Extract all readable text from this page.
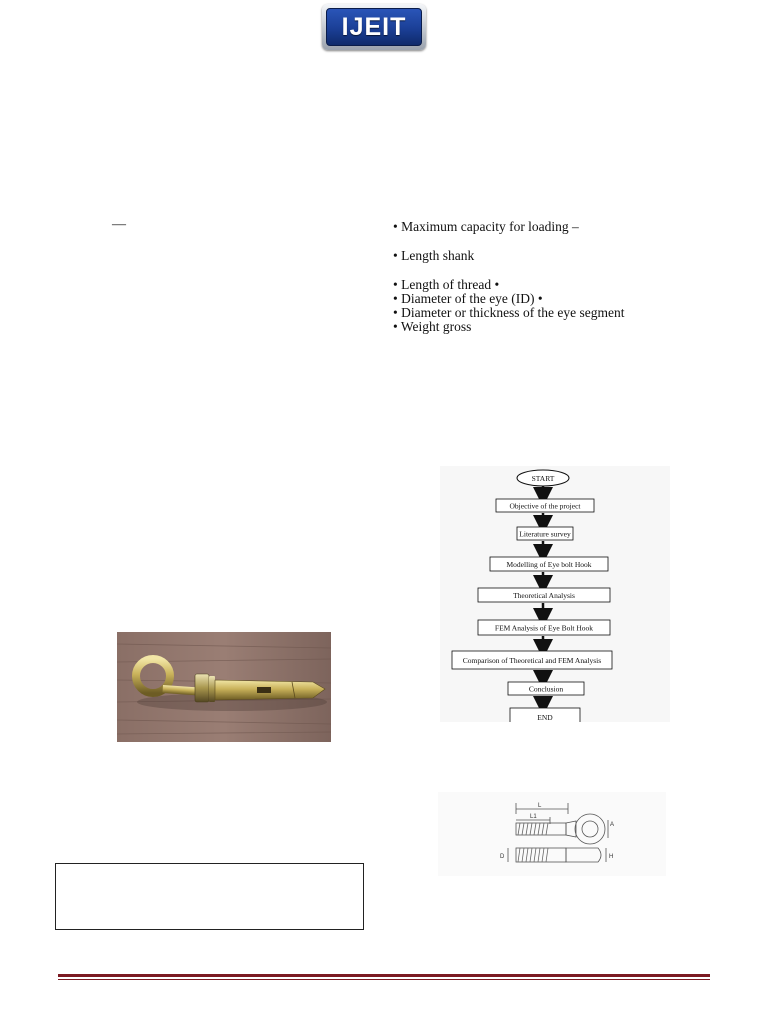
IJEIT
—	• Maximum capacity for loading –
• Length shank
• Length of thread •
• Diameter of the eye (ID) •
• Diameter or thickness of the eye segment
• Weight gross
START
Objective of the project
Literature survey
Modelling of Eye bolt Hook
Theoretical Analysis
FEM Analysis of Eye Bolt Hook
Comparison of Theoretical and FEM Analysis
Conclusion
END
L
L1
A
D	H
